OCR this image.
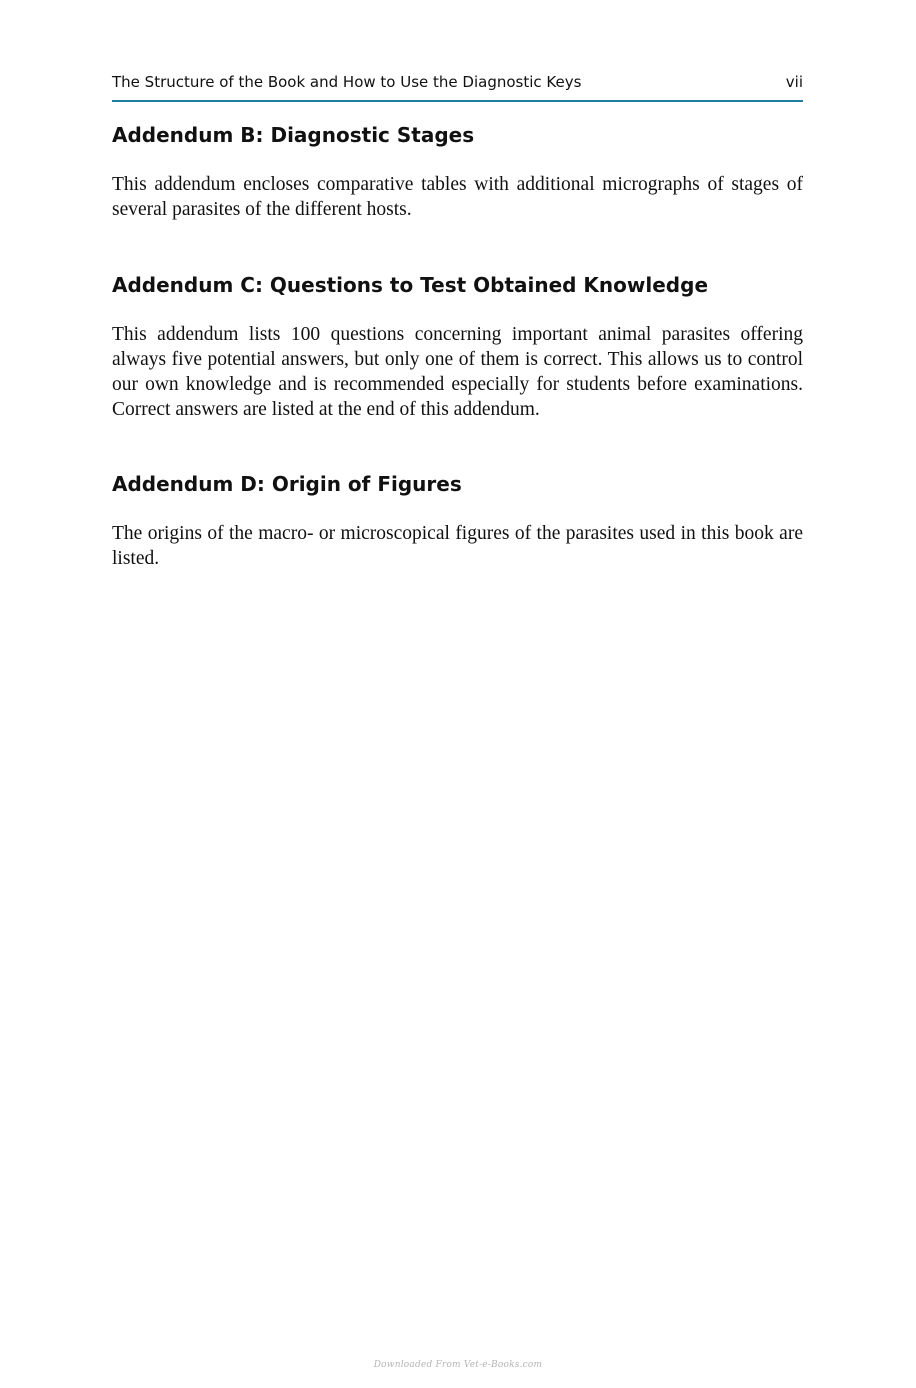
The Structure of the Book and How to Use the Diagnostic Keys	vii
Addendum B: Diagnostic Stages

This addendum encloses comparative tables with additional micrographs of stages of several parasites of the different hosts.

Addendum C: Questions to Test Obtained Knowledge

This addendum lists 100 questions concerning important animal parasites offering always five potential answers, but only one of them is correct. This allows us to control our own knowledge and is recommended especially for students before examinations. Correct answers are listed at the end of this addendum.

Addendum D: Origin of Figures

The origins of the macro- or microscopical figures of the parasites used in this book are listed.

Downloaded From Vet-e-Books.com
